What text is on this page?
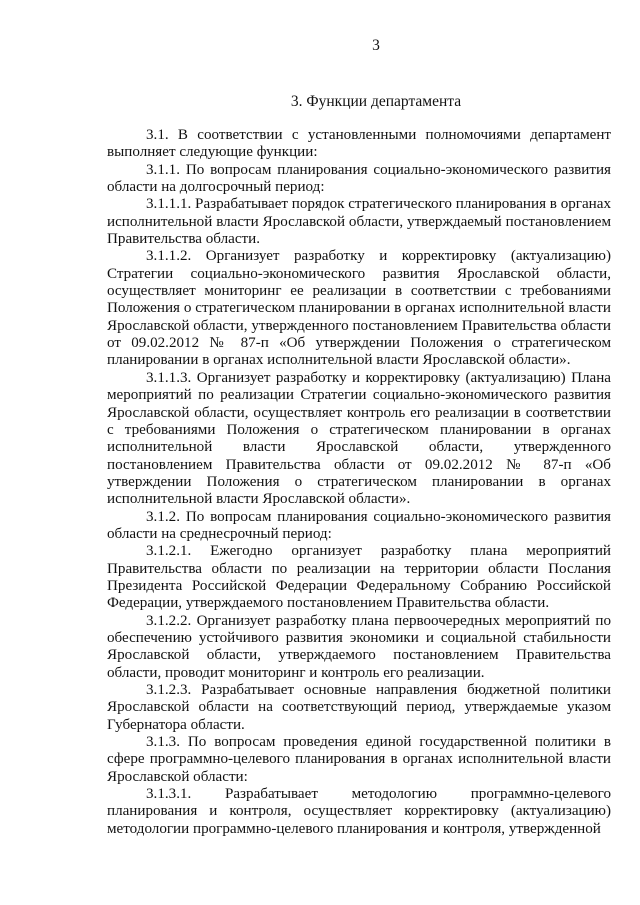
3
3. Функции департамента

3.1. В соответствии с установленными полномочиями департамент выполняет следующие функции:

3.1.1. По вопросам планирования социально-экономического развития области на долгосрочный период:

3.1.1.1. Разрабатывает порядок стратегического планирования в органах исполнительной власти Ярославской области, утверждаемый постановлением Правительства области.

3.1.1.2. Организует разработку и корректировку (актуализацию) Стратегии социально-экономического развития Ярославской области, осуществляет мониторинг ее реализации в соответствии с требованиями Положения о стратегическом планировании в органах исполнительной власти Ярославской области, утвержденного постановлением Правительства области от 09.02.2012 № 87-п «Об утверждении Положения о стратегическом планировании в органах исполнительной власти Ярославской области».

3.1.1.3. Организует разработку и корректировку (актуализацию) Плана мероприятий по реализации Стратегии социально-экономического развития Ярославской области, осуществляет контроль его реализации в соответствии с требованиями Положения о стратегическом планировании в органах исполнительной власти Ярославской области, утвержденного постановлением Правительства области от 09.02.2012 № 87-п «Об утверждении Положения о стратегическом планировании в органах исполнительной власти Ярославской области».

3.1.2. По вопросам планирования социально-экономического развития области на среднесрочный период:

3.1.2.1. Ежегодно организует разработку плана мероприятий Правительства области по реализации на территории области Послания Президента Российской Федерации Федеральному Собранию Российской Федерации, утверждаемого постановлением Правительства области.

3.1.2.2. Организует разработку плана первоочередных мероприятий по обеспечению устойчивого развития экономики и социальной стабильности Ярославской области, утверждаемого постановлением Правительства области, проводит мониторинг и контроль его реализации.

3.1.2.3. Разрабатывает основные направления бюджетной политики Ярославской области на соответствующий период, утверждаемые указом Губернатора области.

3.1.3. По вопросам проведения единой государственной политики в сфере программно-целевого планирования в органах исполнительной власти Ярославской области:

3.1.3.1. Разрабатывает методологию программно-целевого планирования и контроля, осуществляет корректировку (актуализацию) методологии программно-целевого планирования и контроля, утвержденной
